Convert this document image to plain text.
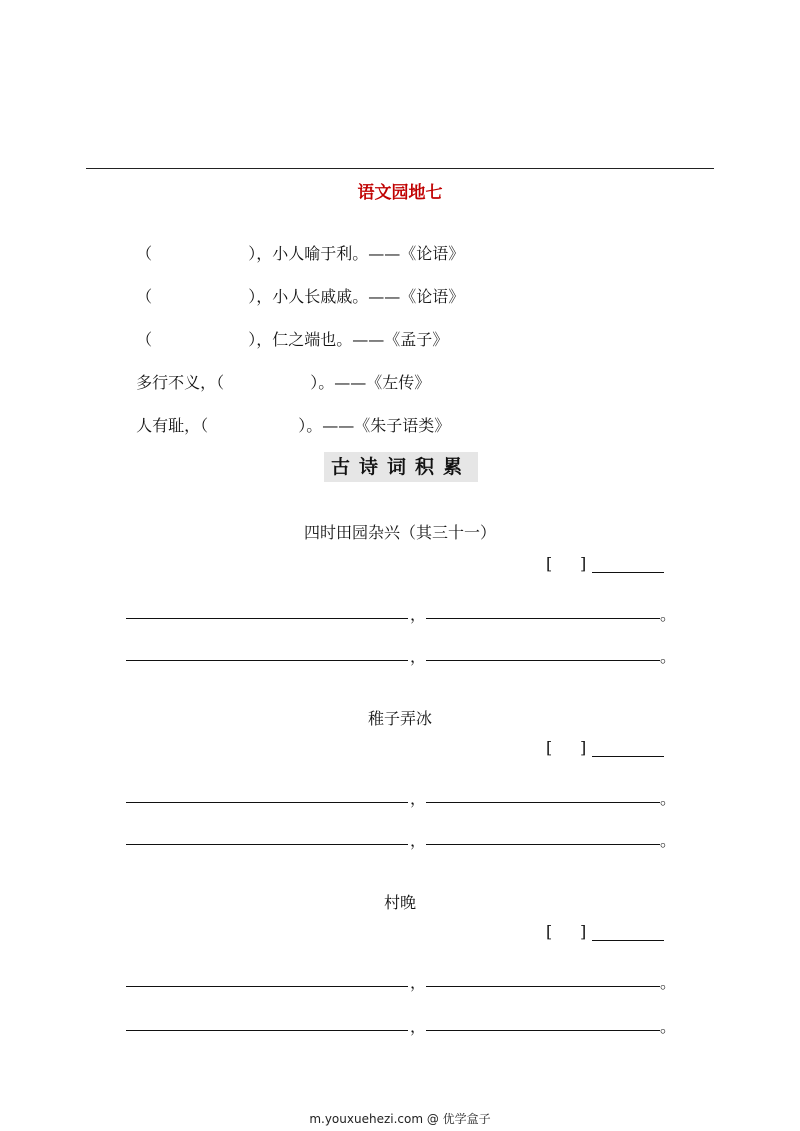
语文园地七

（	），小人喻于利。——《论语》

（	），小人长戚戚。——《论语》

（	），仁之端也。——《孟子》

多行不义，（	）。——《左传》

人有耻，（	）。——《朱子语类》

古诗词积累
四时田园杂兴（其三十一）
[ ]
，	。
，	。
稚子弄冰
[ ]
，	。
，	。
村晚
[ ]
，	。
，	。
m.youxuehezi.com @ 优学盒子
